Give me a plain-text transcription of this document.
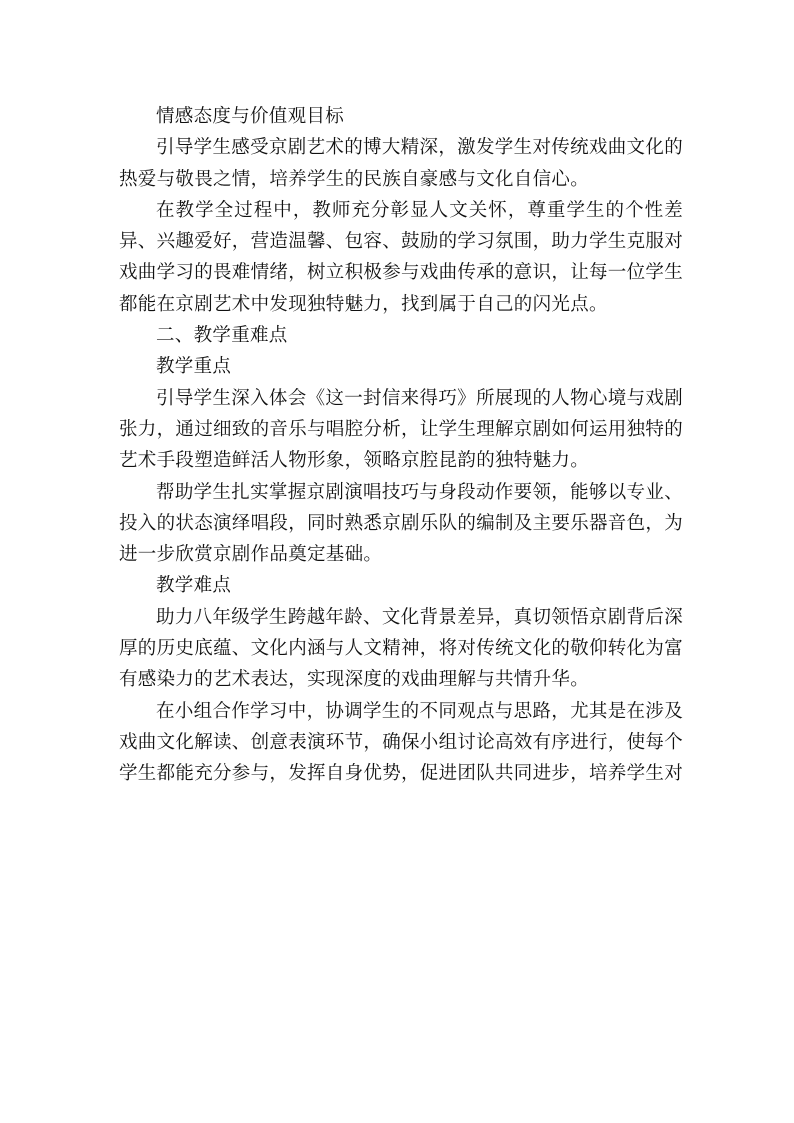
情感态度与价值观目标

引导学生感受京剧艺术的博大精深，激发学生对传统戏曲文化的热爱与敬畏之情，培养学生的民族自豪感与文化自信心。

在教学全过程中，教师充分彰显人文关怀，尊重学生的个性差异、兴趣爱好，营造温馨、包容、鼓励的学习氛围，助力学生克服对戏曲学习的畏难情绪，树立积极参与戏曲传承的意识，让每一位学生都能在京剧艺术中发现独特魅力，找到属于自己的闪光点。

二、教学重难点

教学重点

引导学生深入体会《这一封信来得巧》所展现的人物心境与戏剧张力，通过细致的音乐与唱腔分析，让学生理解京剧如何运用独特的艺术手段塑造鲜活人物形象，领略京腔昆韵的独特魅力。

帮助学生扎实掌握京剧演唱技巧与身段动作要领，能够以专业、投入的状态演绎唱段，同时熟悉京剧乐队的编制及主要乐器音色，为进一步欣赏京剧作品奠定基础。

教学难点

助力八年级学生跨越年龄、文化背景差异，真切领悟京剧背后深厚的历史底蕴、文化内涵与人文精神，将对传统文化的敬仰转化为富有感染力的艺术表达，实现深度的戏曲理解与共情升华。

在小组合作学习中，协调学生的不同观点与思路，尤其是在涉及戏曲文化解读、创意表演环节，确保小组讨论高效有序进行，使每个学生都能充分参与，发挥自身优势，促进团队共同进步，培养学生对
